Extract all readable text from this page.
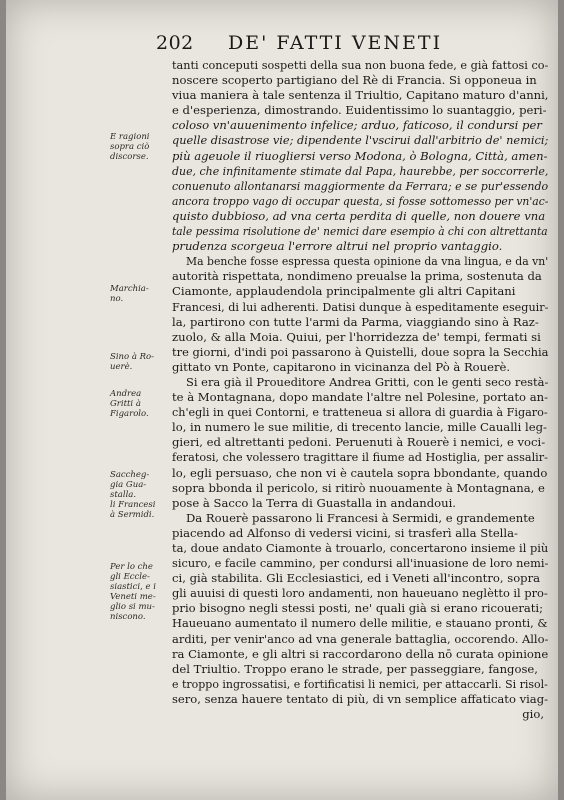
202 DE' FATTI VENETI
E ragioni
sopra ciò
discorse.
Marchia-
no.
Sino à Ro-
uerè.
Andrea
Gritti à
Figarolo.
Saccheg-
gia Gua-
stalla.
li Francesi
à Sermidi.
Per lo che
gli Eccle-
siastici, e i
Veneti me-
glio si mu-
niscono.
tanti conceputi sospetti della sua non buona fede, e già fattosi co-
noscere scoperto partigiano del Rè di Francia. Si opponeua in
viua maniera à tale sentenza il Triultio, Capitano maturo d'anni,
e d'esperienza, dimostrando. Euidentissimo lo suantaggio, peri-
coloso vn'auuenimento infelice; arduo, faticoso, il condursi per
quelle disastrose vie; dipendente l'vscirui dall'arbitrio de' nemici;
più ageuole il riuogliersi verso Modona, ò Bologna, Città, amen-
due, che infinitamente stimate dal Papa, haurebbe, per soccorrerle,
conuenuto allontanarsi maggiormente da Ferrara; e se pur'essendo
ancora troppo vago di occupar questa, si fosse sottomesso per vn'ac-
quisto dubbioso, ad vna certa perdita di quelle, non douere vna
tale pessima risolutione de' nemici dare esempio à chi con altrettanta
prudenza scorgeua l'errore altrui nel proprio vantaggio.
Ma benche fosse espressa questa opinione da vna lingua, e da vn'
autorità rispettata, nondimeno preualse la prima, sostenuta da
Ciamonte, applaudendola principalmente gli altri Capitani
Francesi, di lui adherenti. Datisi dunque à espeditamente eseguir-
la, partirono con tutte l'armi da Parma, viaggiando sino à Raz-
zuolo, & alla Moia. Quiui, per l'horridezza de' tempi, fermati si
tre giorni, d'indi poi passarono à Quistelli, doue sopra la Secchia
gittato vn Ponte, capitarono in vicinanza del Pò à Rouerè.
Si era già il Proueditore Andrea Gritti, con le genti seco restà-
te à Montagnana, dopo mandate l'altre nel Polesine, portato an-
ch'egli in quei Contorni, e tratteneua si allora di guardia à Figaro-
lo, in numero le sue militie, di trecento lancie, mille Caualli leg-
gieri, ed altrettanti pedoni. Peruenuti à Rouerè i nemici, e voci-
feratosi, che volessero tragittare il fiume ad Hostiglia, per assalir-
lo, egli persuaso, che non vi è cautela sopra bbondante, quando
sopra bbonda il pericolo, si ritirò nuouamente à Montagnana, e
pose à Sacco la Terra di Guastalla in andandoui.
Da Rouerè passarono li Francesi à Sermidi, e grandemente
piacendo ad Alfonso di vedersi vicini, si trasferì alla Stella-
ta, doue andato Ciamonte à trouarlo, concertarono insieme il più
sicuro, e facile cammino, per condursi all'inuasione de loro nemi-
ci, già stabilita. Gli Ecclesiastici, ed i Veneti all'incontro, sopra
gli auuisi di questi loro andamenti, non haueuano neglètto il pro-
prio bisogno negli stessi posti, ne' quali già si erano ricouerati;
Haueuano aumentato il numero delle militie, e stauano pronti, &
arditi, per venir'anco ad vna generale battaglia, occorendo. Allo-
ra Ciamonte, e gli altri si raccordarono della nō curata opinione
del Triultio. Troppo erano le strade, per passeggiare, fangose,
e troppo ingrossatisi, e fortificatisi li nemici, per attaccarli. Si risol-
sero, senza hauere tentato di più, di vn semplice affaticato viag-
gio,
